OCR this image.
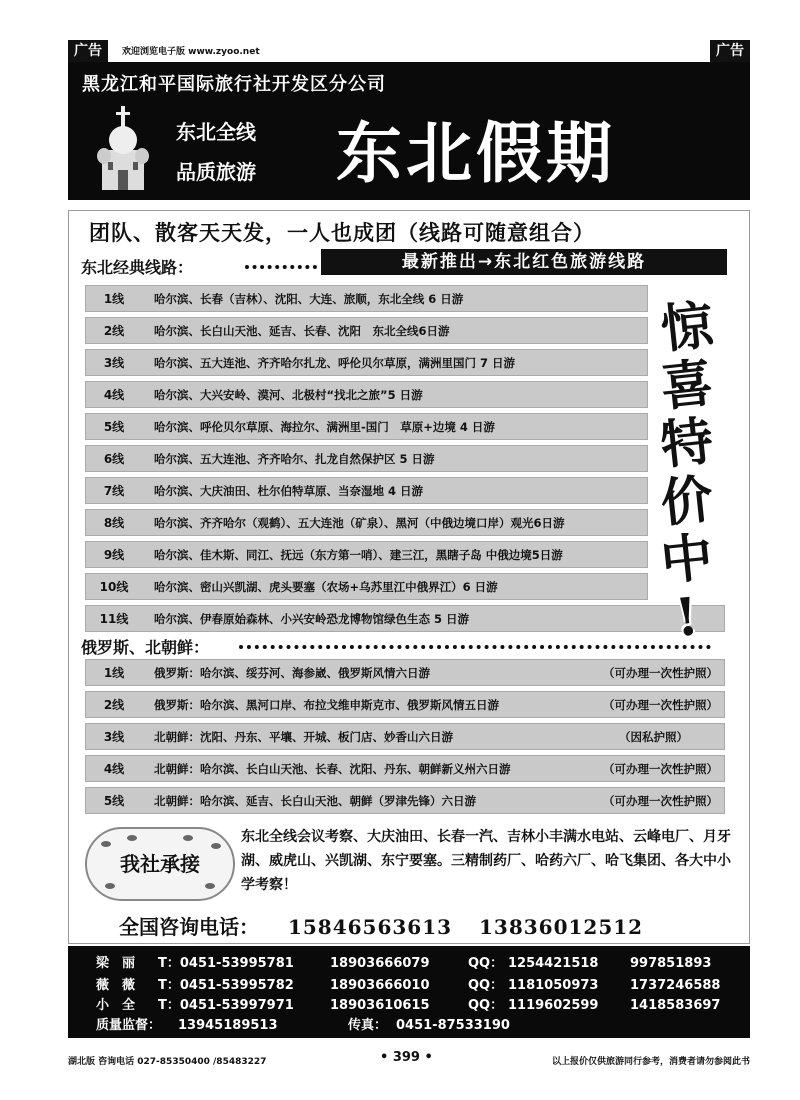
广告	欢迎浏览电子版 www.zyoo.net	广告
黑龙江和平国际旅行社开发区分公司
东北全线
品质旅游 东北假期
团队、散客天天发，一人也成团（线路可随意组合）
东北经典线路：	最新推出→东北红色旅游线路
1线	哈尔滨、长春（吉林）、沈阳、大连、旅顺，东北全线 6 日游
2线	哈尔滨、长白山天池、延吉、长春、沈阳　东北全线6日游
3线	哈尔滨、五大连池、齐齐哈尔扎龙、呼伦贝尔草原，满洲里国门 7 日游
4线	哈尔滨、大兴安岭、漠河、北极村“找北之旅”5 日游
5线	哈尔滨、呼伦贝尔草原、海拉尔、满洲里-国门　草原+边境 4 日游
6线	哈尔滨、五大连池、齐齐哈尔、扎龙自然保护区 5 日游
7线	哈尔滨、大庆油田、杜尔伯特草原、当奈湿地 4 日游
8线	哈尔滨、齐齐哈尔（观鹤）、五大连池（矿泉）、黑河（中俄边境口岸）观光6日游
9线	哈尔滨、佳木斯、同江、抚远（东方第一哨）、建三江，黑瞎子岛 中俄边境5日游
10线	哈尔滨、密山兴凯湖、虎头要塞（农场+乌苏里江中俄界江）6 日游
11线	哈尔滨、伊春原始森林、小兴安岭恐龙博物馆绿色生态 5 日游
惊
喜
特
价
中
!
俄罗斯、北朝鲜：
1线	俄罗斯：哈尔滨、绥芬河、海参崴、俄罗斯风情六日游	（可办理一次性护照）
2线	俄罗斯：哈尔滨、黑河口岸、布拉戈维申斯克市、俄罗斯风情五日游	（可办理一次性护照）
3线	北朝鲜：沈阳、丹东、平壤、开城、板门店、妙香山六日游	（因私护照）
4线	北朝鲜：哈尔滨、长白山天池、长春、沈阳、丹东、朝鲜新义州六日游	（可办理一次性护照）
5线	北朝鲜：哈尔滨、延吉、长白山天池、朝鲜（罗津先锋）六日游	（可办理一次性护照）
我社承接
东北全线会议考察、大庆油田、长春一汽、吉林小丰满水电站、云峰电厂、月牙湖、威虎山、兴凯湖、东宁要塞。三精制药厂、哈药六厂、哈飞集团、各大中小学考察！
全国咨询电话： 15846563613 13836012512
梁　丽 T：0451-53995781	18903666079	QQ： 1254421518 997851893
薇　薇 T：0451-53995782	18903666010	QQ： 1181050973 1737246588
小　全 T：0451-53997971	18903610615	QQ： 1119602599 1418583697
质量监督： 13945189513	传真： 0451-87533190
湖北版 咨询电话 027-85350400 /85483227	• 399 •	以上报价仅供旅游同行参考，消费者请勿参阅此书
